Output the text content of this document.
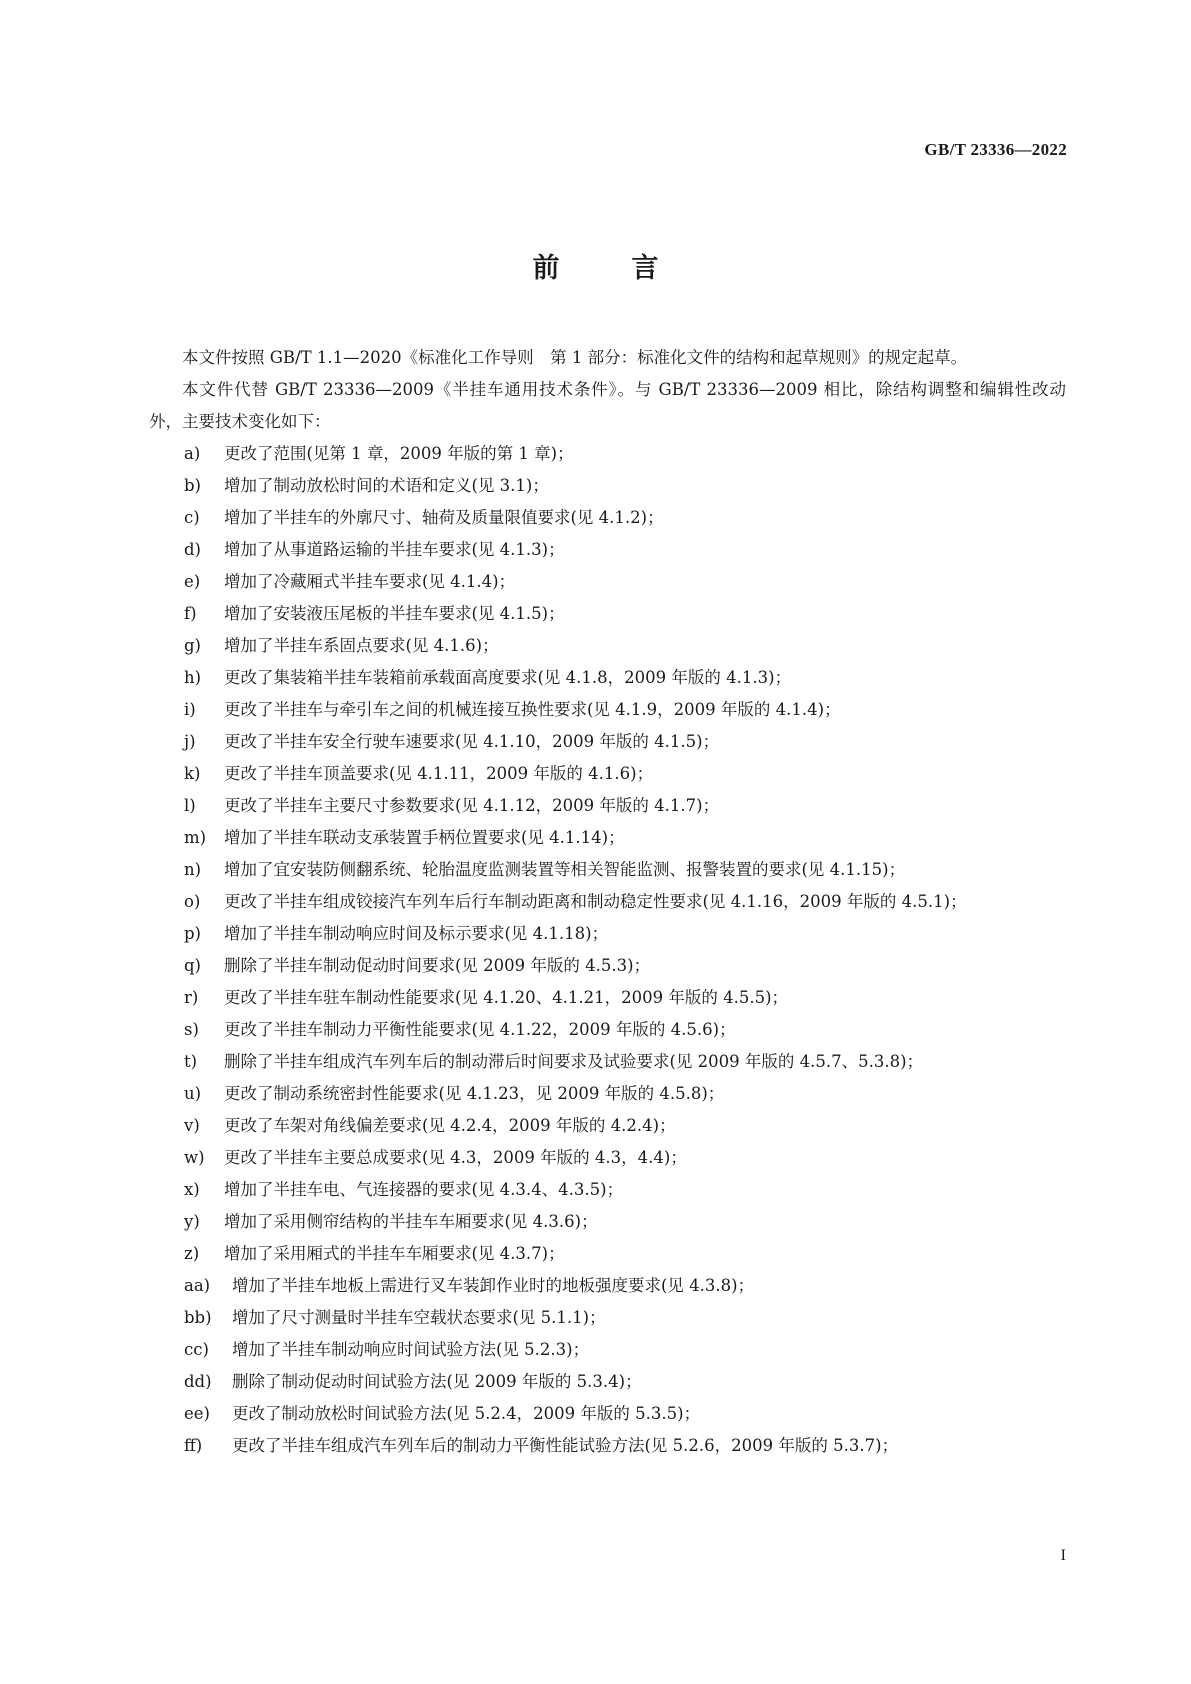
GB/T 23336—2022
前言

本文件按照 GB/T 1.1—2020《标准化工作导则　第 1 部分：标准化文件的结构和起草规则》的规定起草。

本文件代替 GB/T 23336—2009《半挂车通用技术条件》。与 GB/T 23336—2009 相比，除结构调整和编辑性改动外，主要技术变化如下：

a)	更改了范围(见第 1 章，2009 年版的第 1 章)；
b)	增加了制动放松时间的术语和定义(见 3.1)；
c)	增加了半挂车的外廓尺寸、轴荷及质量限值要求(见 4.1.2)；
d)	增加了从事道路运输的半挂车要求(见 4.1.3)；
e)	增加了冷藏厢式半挂车要求(见 4.1.4)；
f)	增加了安装液压尾板的半挂车要求(见 4.1.5)；
g)	增加了半挂车系固点要求(见 4.1.6)；
h)	更改了集装箱半挂车装箱前承载面高度要求(见 4.1.8，2009 年版的 4.1.3)；
i)	更改了半挂车与牵引车之间的机械连接互换性要求(见 4.1.9，2009 年版的 4.1.4)；
j)	更改了半挂车安全行驶车速要求(见 4.1.10，2009 年版的 4.1.5)；
k)	更改了半挂车顶盖要求(见 4.1.11，2009 年版的 4.1.6)；
l)	更改了半挂车主要尺寸参数要求(见 4.1.12，2009 年版的 4.1.7)；
m)	增加了半挂车联动支承装置手柄位置要求(见 4.1.14)；
n)	增加了宜安装防侧翻系统、轮胎温度监测装置等相关智能监测、报警装置的要求(见 4.1.15)；
o)	更改了半挂车组成铰接汽车列车后行车制动距离和制动稳定性要求(见 4.1.16，2009 年版的 4.5.1)；
p)	增加了半挂车制动响应时间及标示要求(见 4.1.18)；
q)	删除了半挂车制动促动时间要求(见 2009 年版的 4.5.3)；
r)	更改了半挂车驻车制动性能要求(见 4.1.20、4.1.21，2009 年版的 4.5.5)；
s)	更改了半挂车制动力平衡性能要求(见 4.1.22，2009 年版的 4.5.6)；
t)	删除了半挂车组成汽车列车后的制动滞后时间要求及试验要求(见 2009 年版的 4.5.7、5.3.8)；
u)	更改了制动系统密封性能要求(见 4.1.23，见 2009 年版的 4.5.8)；
v)	更改了车架对角线偏差要求(见 4.2.4，2009 年版的 4.2.4)；
w)	更改了半挂车主要总成要求(见 4.3，2009 年版的 4.3，4.4)；
x)	增加了半挂车电、气连接器的要求(见 4.3.4、4.3.5)；
y)	增加了采用侧帘结构的半挂车车厢要求(见 4.3.6)；
z)	增加了采用厢式的半挂车车厢要求(见 4.3.7)；
aa)	增加了半挂车地板上需进行叉车装卸作业时的地板强度要求(见 4.3.8)；
bb)	增加了尺寸测量时半挂车空载状态要求(见 5.1.1)；
cc)	增加了半挂车制动响应时间试验方法(见 5.2.3)；
dd)	删除了制动促动时间试验方法(见 2009 年版的 5.3.4)；
ee)	更改了制动放松时间试验方法(见 5.2.4，2009 年版的 5.3.5)；
ff)	更改了半挂车组成汽车列车后的制动力平衡性能试验方法(见 5.2.6，2009 年版的 5.3.7)；
I
